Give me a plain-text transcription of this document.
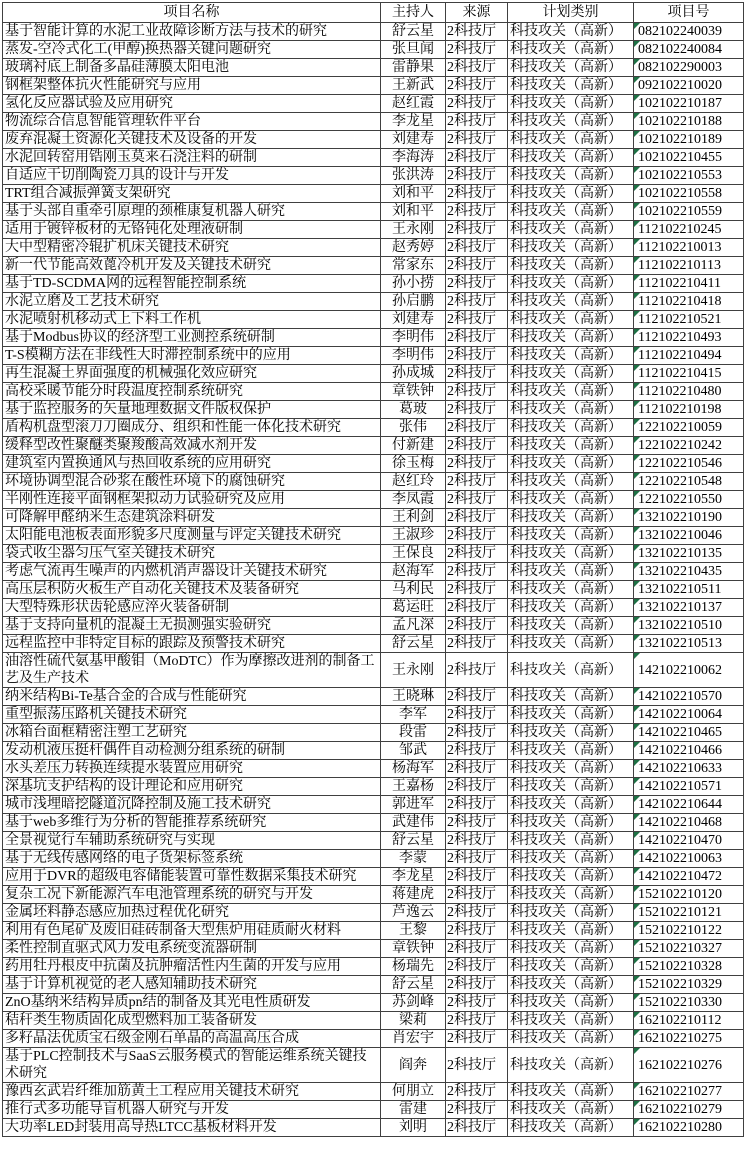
项目名称	主持人	来源	计划类别	项目号
基于智能计算的水泥工业故障诊断方法与技术的研究	舒云星	2科技厅	科技攻关（高新）	082102240039
蒸发-空冷式化工(甲醇)换热器关键问题研究	张旦闻	2科技厅	科技攻关（高新）	082102240084
玻璃衬底上制备多晶硅薄膜太阳电池	雷静果	2科技厅	科技攻关（高新）	082102290003
钢框架整体抗火性能研究与应用	王新武	2科技厅	科技攻关（高新）	092102210020
氢化反应器试验及应用研究	赵红霞	2科技厅	科技攻关（高新）	102102210187
物流综合信息智能管理软件平台	李龙星	2科技厅	科技攻关（高新）	102102210188
废弃混凝土资源化关键技术及设备的开发	刘建寿	2科技厅	科技攻关（高新）	102102210189
水泥回转窑用锆刚玉莫来石浇注料的研制	李海涛	2科技厅	科技攻关（高新）	102102210455
自适应干切削陶瓷刀具的设计与开发	张洪涛	2科技厅	科技攻关（高新）	102102210553
TRT组合减振弹簧支架研究	刘和平	2科技厅	科技攻关（高新）	102102210558
基于头部自重牵引原理的颈椎康复机器人研究	刘和平	2科技厅	科技攻关（高新）	102102210559
适用于镀锌板材的无铬钝化处理液研制	王永刚	2科技厅	科技攻关（高新）	112102210245
大中型精密冷辊扩机床关键技术研究	赵秀婷	2科技厅	科技攻关（高新）	112102210013
新一代节能高效蓖冷机开发及关键技术研究	常家东	2科技厅	科技攻关（高新）	112102210113
基于TD-SCDMA网的远程智能控制系统	孙小捞	2科技厅	科技攻关（高新）	112102210411
水泥立磨及工艺技术研究	孙启鹏	2科技厅	科技攻关（高新）	112102210418
水泥喷射机移动式上下料工作机	刘建寿	2科技厅	科技攻关（高新）	112102210521
基于Modbus协议的经济型工业测控系统研制	李明伟	2科技厅	科技攻关（高新）	112102210493
T-S模糊方法在非线性大时滞控制系统中的应用	李明伟	2科技厅	科技攻关（高新）	112102210494
再生混凝土界面强度的机械强化效应研究	孙成城	2科技厅	科技攻关（高新）	112102210415
高校采暖节能分时段温度控制系统研究	章铁钟	2科技厅	科技攻关（高新）	112102210480
基于监控服务的矢量地理数据文件版权保护	葛玻	2科技厅	科技攻关（高新）	112102210198
盾构机盘型滚刀刀圈成分、组织和性能一体化技术研究	张伟	2科技厅	科技攻关（高新）	122102210059
缓释型改性聚醚类聚羧酸高效减水剂开发	付新建	2科技厅	科技攻关（高新）	122102210242
建筑室内置换通风与热回收系统的应用研究	徐玉梅	2科技厅	科技攻关（高新）	122102210546
环境协调型混合砂浆在酸性环境下的腐蚀研究	赵红玲	2科技厅	科技攻关（高新）	122102210548
半刚性连接平面钢框架拟动力试验研究及应用	李凤霞	2科技厅	科技攻关（高新）	122102210550
可降解甲醛纳米生态建筑涂料研发	王利剑	2科技厅	科技攻关（高新）	132102210190
太阳能电池板表面形貌多尺度测量与评定关键技术研究	王淑珍	2科技厅	科技攻关（高新）	132102210046
袋式收尘器匀压气室关键技术研究	王保良	2科技厅	科技攻关（高新）	132102210135
考虑气流再生噪声的内燃机消声器设计关键技术研究	赵海军	2科技厅	科技攻关（高新）	132102210435
高压层积防火板生产自动化关键技术及装备研究	马利民	2科技厅	科技攻关（高新）	132102210511
大型特殊形状齿轮感应淬火装备研制	葛运旺	2科技厅	科技攻关（高新）	132102210137
基于支持向量机的混凝土无损测强实验研究	孟凡深	2科技厅	科技攻关（高新）	132102210510
远程监控中非特定目标的跟踪及预警技术研究	舒云星	2科技厅	科技攻关（高新）	132102210513
油溶性硫代氨基甲酸钼（MoDTC）作为摩擦改进剂的制备工艺及生产技术	王永刚	2科技厅	科技攻关（高新）	142102210062
纳米结构Bi-Te基合金的合成与性能研究	王晓琳	2科技厅	科技攻关（高新）	142102210570
重型振荡压路机关键技术研究	李军	2科技厅	科技攻关（高新）	142102210064
冰箱台面框精密注塑工艺研究	段雷	2科技厅	科技攻关（高新）	142102210465
发动机液压挺杆偶件自动检测分组系统的研制	邹武	2科技厅	科技攻关（高新）	142102210466
水头差压力转换连续提水装置应用研究	杨海军	2科技厅	科技攻关（高新）	142102210633
深基坑支护结构的设计理论和应用研究	王嘉杨	2科技厅	科技攻关（高新）	142102210571
城市浅埋暗挖隧道沉降控制及施工技术研究	郭进军	2科技厅	科技攻关（高新）	142102210644
基于web多维行为分析的智能推荐系统研究	武建伟	2科技厅	科技攻关（高新）	142102210468
全景视觉行车辅助系统研究与实现	舒云星	2科技厅	科技攻关（高新）	142102210470
基于无线传感网络的电子货架标签系统	李蒙	2科技厅	科技攻关（高新）	142102210063
应用于DVR的超级电容储能装置可靠性数据采集技术研究	李龙星	2科技厅	科技攻关（高新）	142102210472
复杂工况下新能源汽车电池管理系统的研究与开发	蒋建虎	2科技厅	科技攻关（高新）	152102210120
金属坯料静态感应加热过程优化研究	芦逸云	2科技厅	科技攻关（高新）	152102210121
利用有色尾矿及废旧硅砖制备大型焦炉用硅质耐火材料	王黎	2科技厅	科技攻关（高新）	152102210122
柔性控制直驱式风力发电系统变流器研制	章铁钟	2科技厅	科技攻关（高新）	152102210327
药用牡丹根皮中抗菌及抗肿瘤活性内生菌的开发与应用	杨瑞先	2科技厅	科技攻关（高新）	152102210328
基于计算机视觉的老人感知辅助技术研究	舒云星	2科技厅	科技攻关（高新）	152102210329
ZnO基纳米结构异质pn结的制备及其光电性质研发	苏剑峰	2科技厅	科技攻关（高新）	152102210330
秸秆类生物质固化成型燃料加工装备研发	梁莉	2科技厅	科技攻关（高新）	162102210112
多籽晶法优质宝石级金刚石单晶的高温高压合成	肖宏宇	2科技厅	科技攻关（高新）	162102210275
基于PLC控制技术与SaaS云服务模式的智能运维系统关键技术研究	阎奔	2科技厅	科技攻关（高新）	162102210276
豫西玄武岩纤维加筋黄土工程应用关键技术研究	何朋立	2科技厅	科技攻关（高新）	162102210277
推行式多功能导盲机器人研究与开发	雷建	2科技厅	科技攻关（高新）	162102210279
大功率LED封装用高导热LTCC基板材料开发	刘明	2科技厅	科技攻关（高新）	162102210280
